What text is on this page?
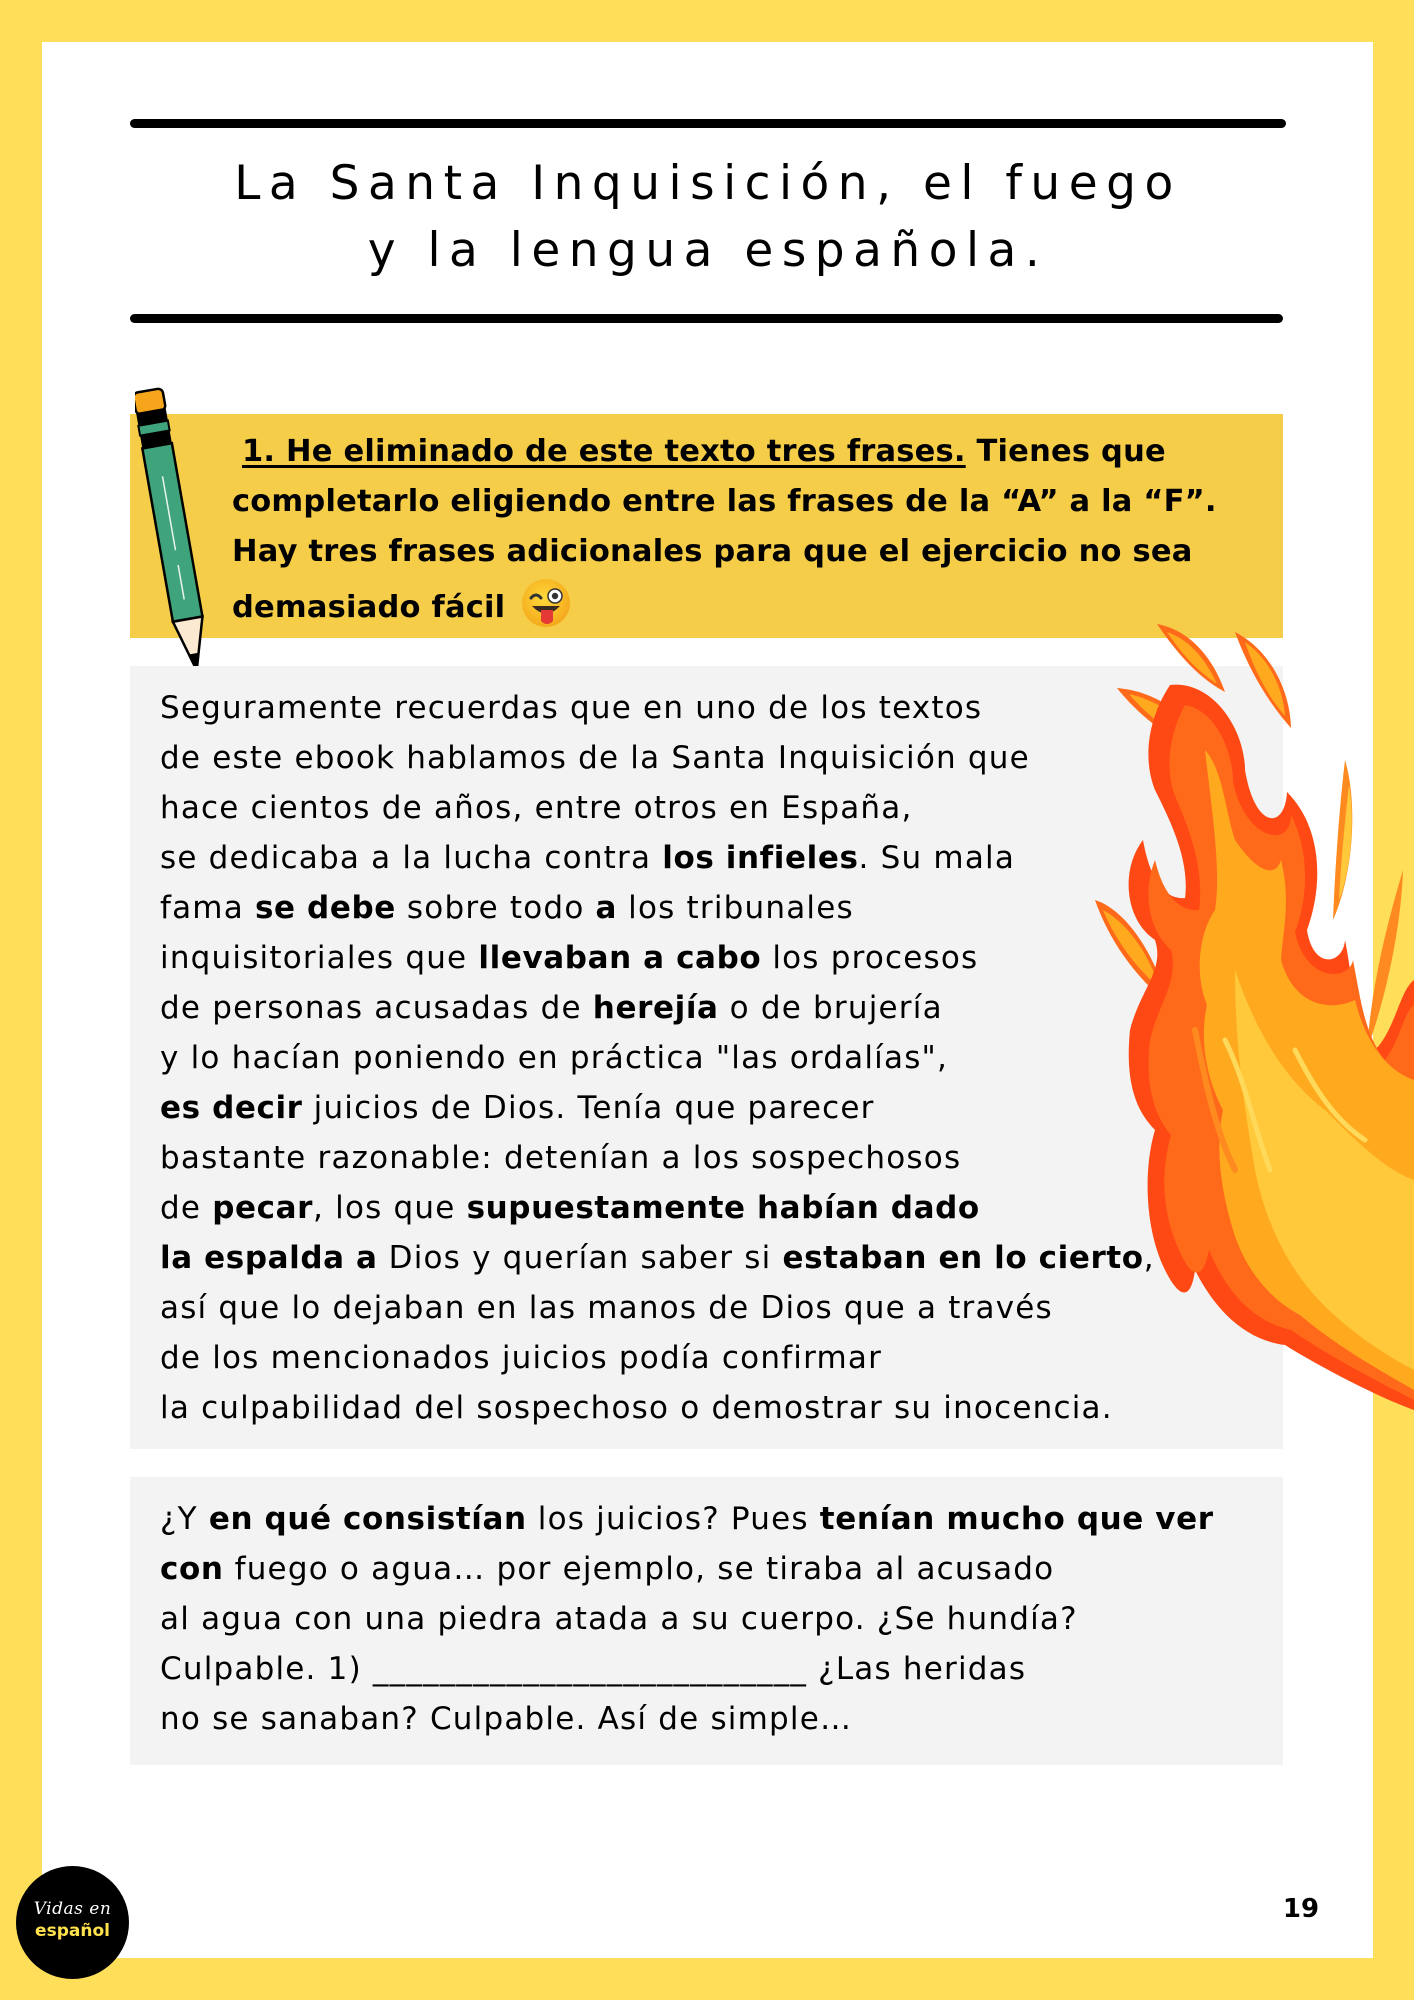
La Santa Inquisición, el fuego
y la lengua española.
1. He eliminado de este texto tres frases. Tienes que
completarlo eligiendo entre las frases de la “A” a la “F”.
Hay tres frases adicionales para que el ejercicio no sea
demasiado fácil
Seguramente recuerdas que en uno de los textos
de este ebook hablamos de la Santa Inquisición que
hace cientos de años, entre otros en España,
se dedicaba a la lucha contra los infieles. Su mala
fama se debe sobre todo a los tribunales
inquisitoriales que llevaban a cabo los procesos
de personas acusadas de herejía o de brujería
y lo hacían poniendo en práctica "las ordalías",
es decir juicios de Dios. Tenía que parecer
bastante razonable: detenían a los sospechosos
de pecar, los que supuestamente habían dado
la espalda a Dios y querían saber si estaban en lo cierto,
así que lo dejaban en las manos de Dios que a través
de los mencionados juicios podía confirmar
la culpabilidad del sospechoso o demostrar su inocencia.
¿Y en qué consistían los juicios? Pues tenían mucho que ver
con fuego o agua… por ejemplo, se tiraba al acusado
al agua con una piedra atada a su cuerpo. ¿Se hundía?
Culpable. 1) __________________________ ¿Las heridas
no se sanaban? Culpable. Así de simple…
Vidas en
español
19
